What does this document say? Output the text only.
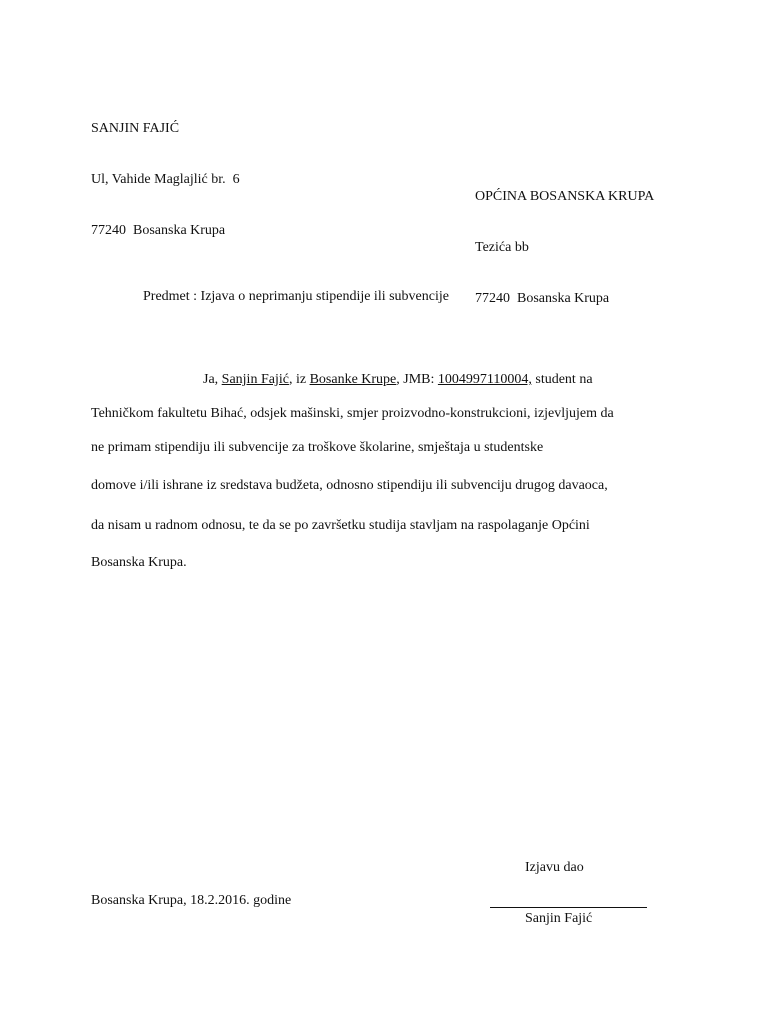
SANJIN FAJIĆ

Ul, Vahide Maglajlić br.  6

77240  Bosanska Krupa

OPĆINA BOSANSKA KRUPA

Tezića bb

77240  Bosanska Krupa

Predmet : Izjava o neprimanju stipendije ili subvencije
Ja, Sanjin Fajić, iz Bosanke Krupe, JMB: 1004997110004, student na
Tehničkom fakultetu Bihać, odsjek mašinski, smjer proizvodno-konstrukcioni, izjevljujem da
ne primam stipendiju ili subvencije za troškove školarine, smještaja u studentske
domove i/ili ishrane iz sredstava budžeta, odnosno stipendiju ili subvenciju drugog davaoca,
da nisam u radnom odnosu, te da se po završetku studija stavljam na raspolaganje Općini
Bosanska Krupa.
Izjavu dao
Bosanska Krupa, 18.2.2016. godine
Sanjin Fajić
